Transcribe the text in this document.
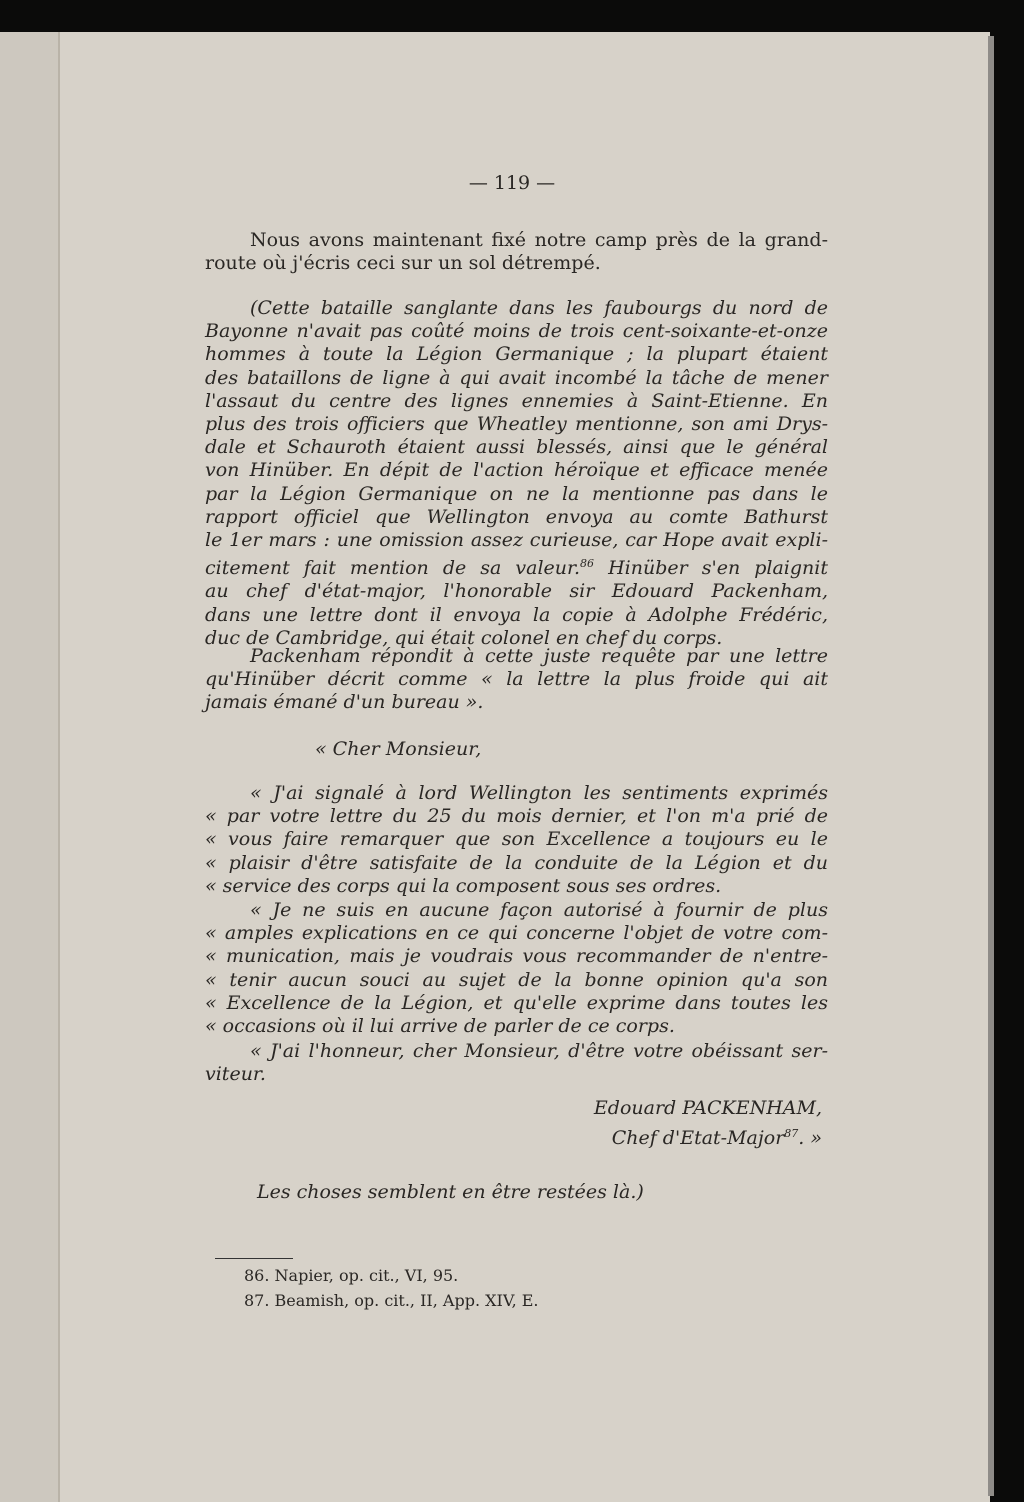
— 119 —
Nous avons maintenant fixé notre camp près de la grand-
route où j'écris ceci sur un sol détrempé.
(Cette bataille sanglante dans les faubourgs du nord de
Bayonne n'avait pas coûté moins de trois cent-soixante-et-onze
hommes à toute la Légion Germanique ; la plupart étaient
des bataillons de ligne à qui avait incombé la tâche de mener
l'assaut du centre des lignes ennemies à Saint-Etienne. En
plus des trois officiers que Wheatley mentionne, son ami Drys-
dale et Schauroth étaient aussi blessés, ainsi que le général
von Hinüber. En dépit de l'action héroïque et efficace menée
par la Légion Germanique on ne la mentionne pas dans le
rapport officiel que Wellington envoya au comte Bathurst
le 1er mars : une omission assez curieuse, car Hope avait expli-
citement fait mention de sa valeur.$^{86}$ Hinüber s'en plaignit
au chef d'état-major, l'honorable sir Edouard Packenham,
dans une lettre dont il envoya la copie à Adolphe Frédéric,
duc de Cambridge, qui était colonel en chef du corps.
Packenham répondit à cette juste requête par une lettre
qu'Hinüber décrit comme « la lettre la plus froide qui ait
jamais émané d'un bureau ».
« Cher Monsieur,
« J'ai signalé à lord Wellington les sentiments exprimés
« par votre lettre du 25 du mois dernier, et l'on m'a prié de
« vous faire remarquer que son Excellence a toujours eu le
« plaisir d'être satisfaite de la conduite de la Légion et du
« service des corps qui la composent sous ses ordres.
« Je ne suis en aucune façon autorisé à fournir de plus
« amples explications en ce qui concerne l'objet de votre com-
« munication, mais je voudrais vous recommander de n'entre-
« tenir aucun souci au sujet de la bonne opinion qu'a son
« Excellence de la Légion, et qu'elle exprime dans toutes les
« occasions où il lui arrive de parler de ce corps.
« J'ai l'honneur, cher Monsieur, d'être votre obéissant ser-
viteur.
Edouard PACKENHAM,
Chef d'Etat-Major$^{87}$. »
Les choses semblent en être restées là.)
86. Napier, op. cit., VI, 95.
87. Beamish, op. cit., II, App. XIV, E.
